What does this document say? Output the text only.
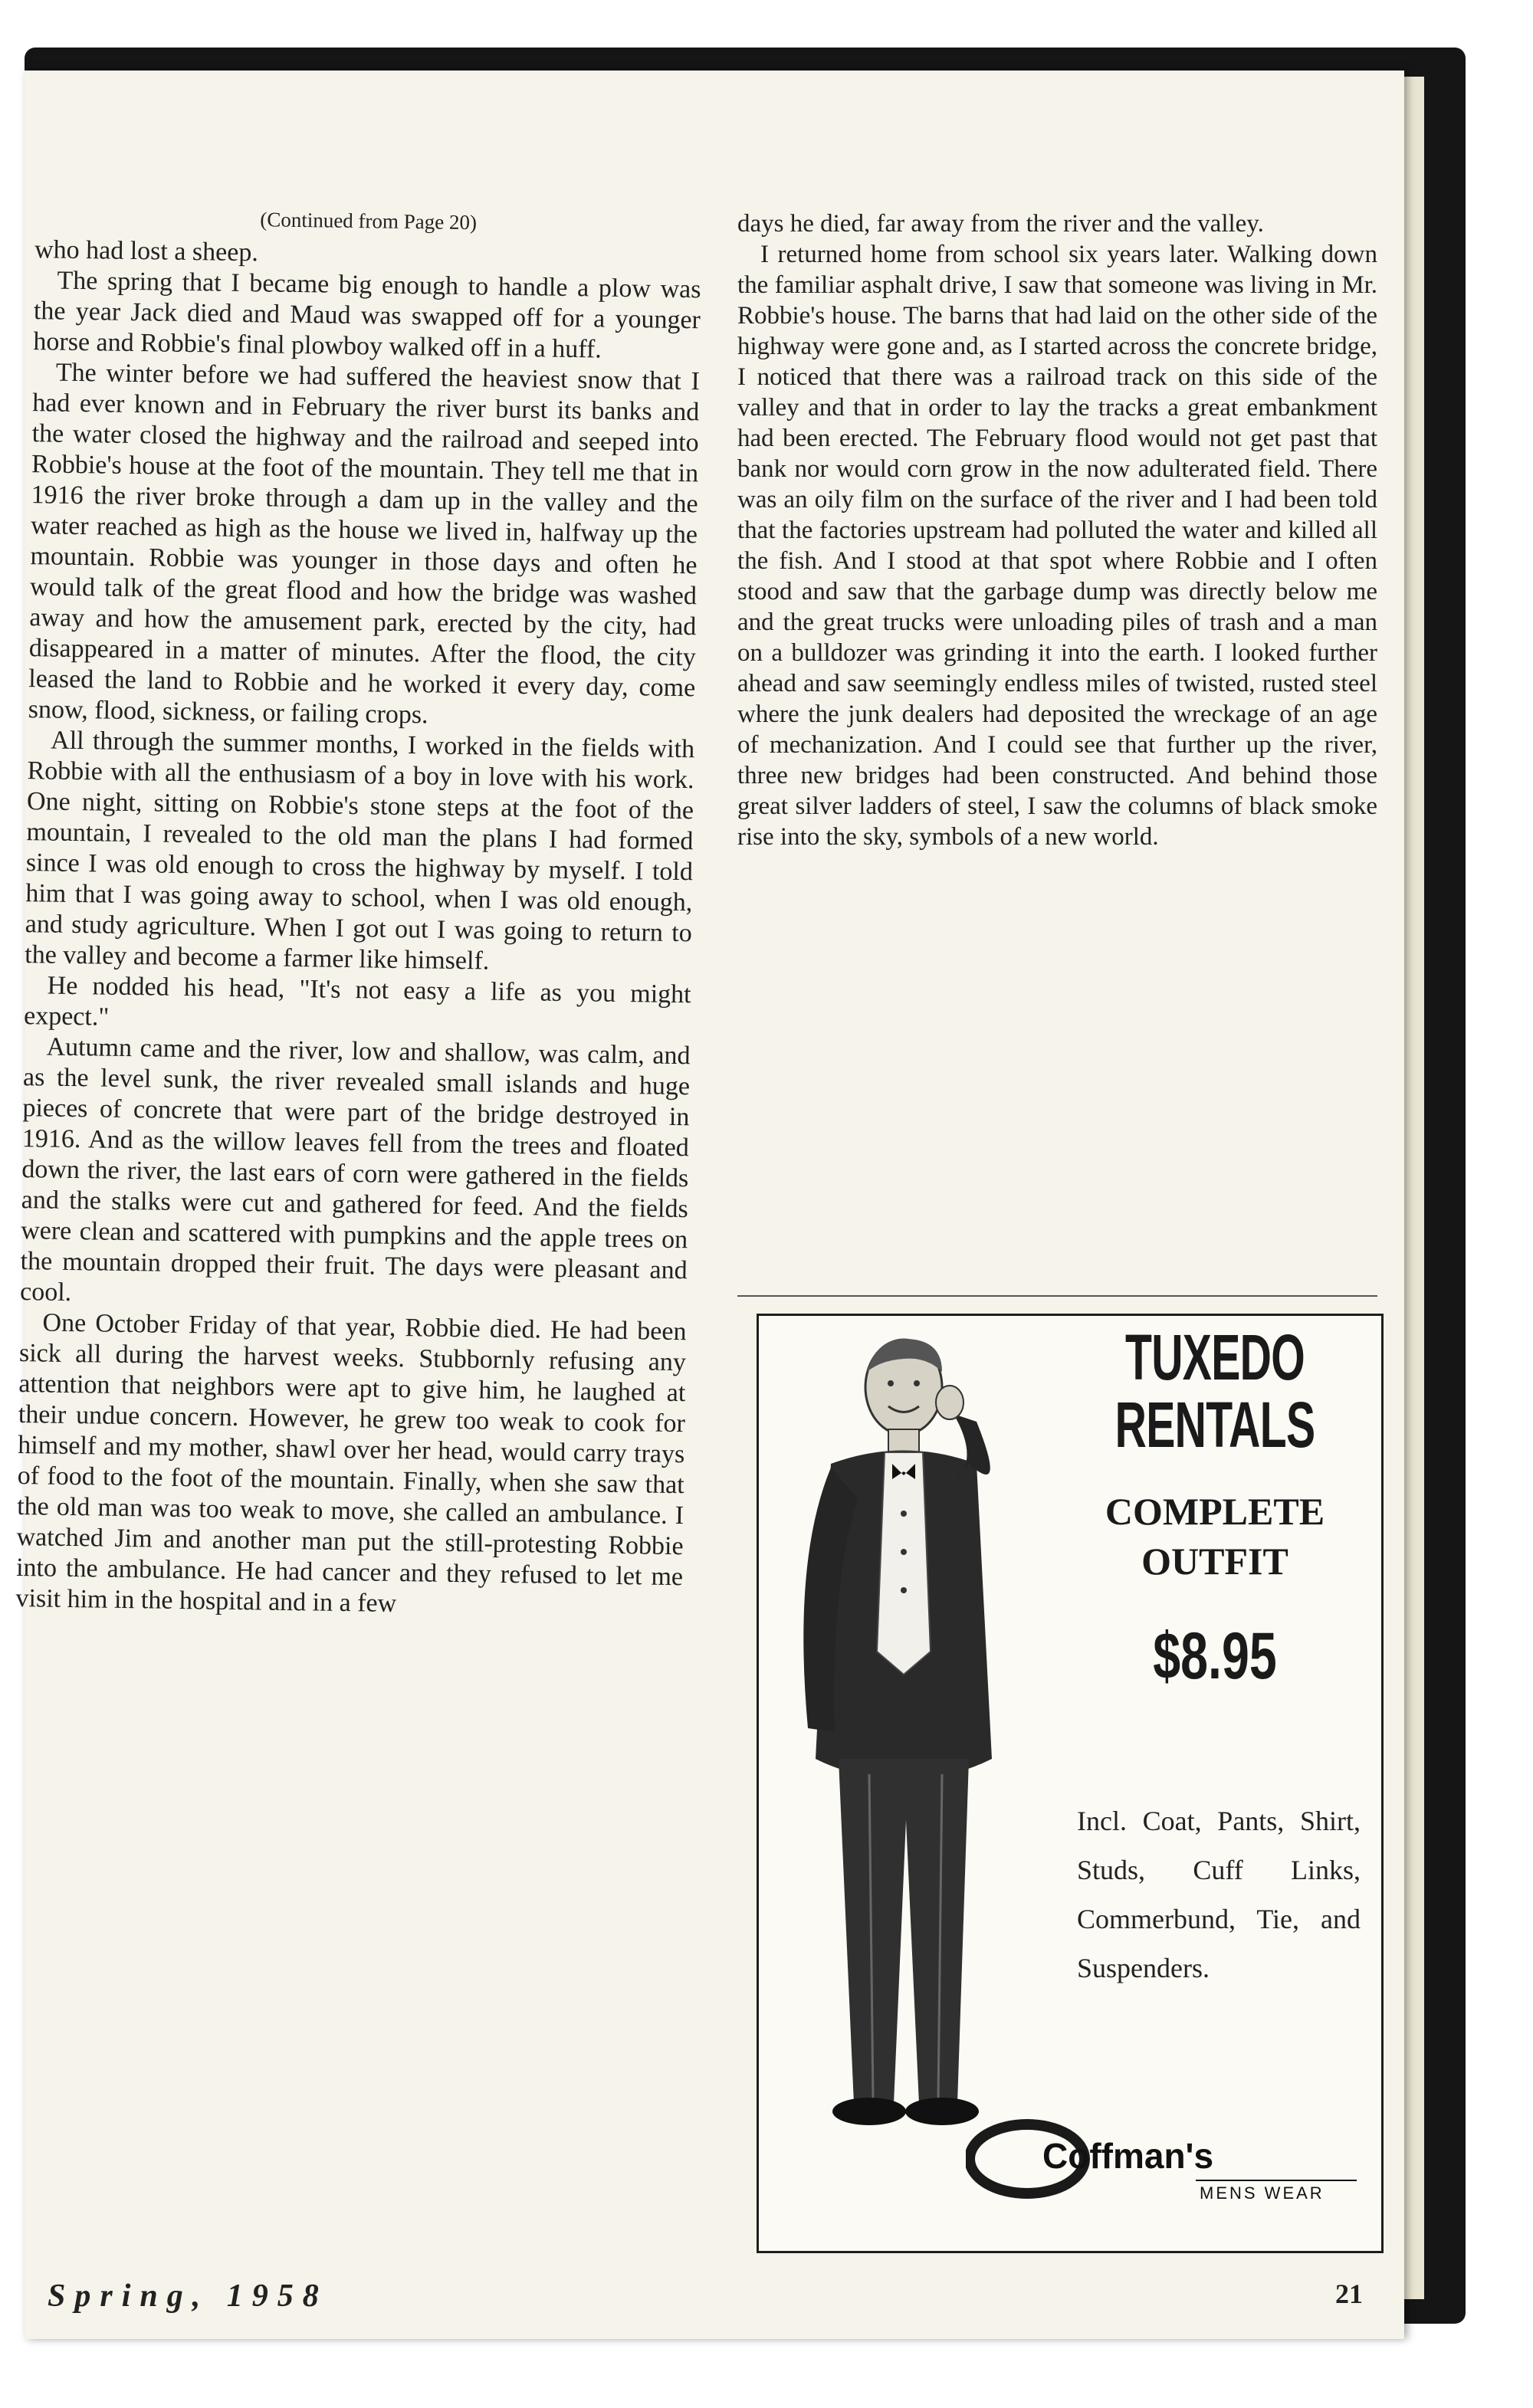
(Continued from Page 20)

who had lost a sheep.

The spring that I became big enough to handle a plow was the year Jack died and Maud was swapped off for a younger horse and Robbie's final plowboy walked off in a huff.

The winter before we had suffered the heaviest snow that I had ever known and in February the river burst its banks and the water closed the highway and the railroad and seeped into Robbie's house at the foot of the mountain. They tell me that in 1916 the river broke through a dam up in the valley and the water reached as high as the house we lived in, halfway up the mountain. Robbie was younger in those days and often he would talk of the great flood and how the bridge was washed away and how the amusement park, erected by the city, had disappeared in a matter of minutes. After the flood, the city leased the land to Robbie and he worked it every day, come snow, flood, sickness, or failing crops.

All through the summer months, I worked in the fields with Robbie with all the enthusiasm of a boy in love with his work. One night, sitting on Robbie's stone steps at the foot of the mountain, I revealed to the old man the plans I had formed since I was old enough to cross the highway by myself. I told him that I was going away to school, when I was old enough, and study agriculture. When I got out I was going to return to the valley and become a farmer like himself.

He nodded his head, "It's not easy a life as you might expect."

Autumn came and the river, low and shallow, was calm, and as the level sunk, the river revealed small islands and huge pieces of concrete that were part of the bridge destroyed in 1916. And as the willow leaves fell from the trees and floated down the river, the last ears of corn were gathered in the fields and the stalks were cut and gathered for feed. And the fields were clean and scattered with pumpkins and the apple trees on the mountain dropped their fruit. The days were pleasant and cool.

One October Friday of that year, Robbie died. He had been sick all during the harvest weeks. Stubbornly refusing any attention that neighbors were apt to give him, he laughed at their undue concern. However, he grew too weak to cook for himself and my mother, shawl over her head, would carry trays of food to the foot of the mountain. Finally, when she saw that the old man was too weak to move, she called an ambulance. I watched Jim and another man put the still-protesting Robbie into the ambulance. He had cancer and they refused to let me visit him in the hospital and in a few

days he died, far away from the river and the valley.

I returned home from school six years later. Walking down the familiar asphalt drive, I saw that someone was living in Mr. Robbie's house. The barns that had laid on the other side of the highway were gone and, as I started across the concrete bridge, I noticed that there was a railroad track on this side of the valley and that in order to lay the tracks a great embankment had been erected. The February flood would not get past that bank nor would corn grow in the now adulterated field. There was an oily film on the surface of the river and I had been told that the factories upstream had polluted the water and killed all the fish. And I stood at that spot where Robbie and I often stood and saw that the garbage dump was directly below me and the great trucks were unloading piles of trash and a man on a bulldozer was grinding it into the earth. I looked further ahead and saw seemingly endless miles of twisted, rusted steel where the junk dealers had deposited the wreckage of an age of mechanization. And I could see that further up the river, three new bridges had been constructed. And behind those great silver ladders of steel, I saw the columns of black smoke rise into the sky, symbols of a new world.

TUXEDO
RENTALS
COMPLETE
OUTFIT
$8.95
Incl. Coat, Pants, Shirt, Studs, Cuff Links, Commerbund, Tie, and Suspenders.
Coffman's
MENS WEAR
Spring, 1958	21
